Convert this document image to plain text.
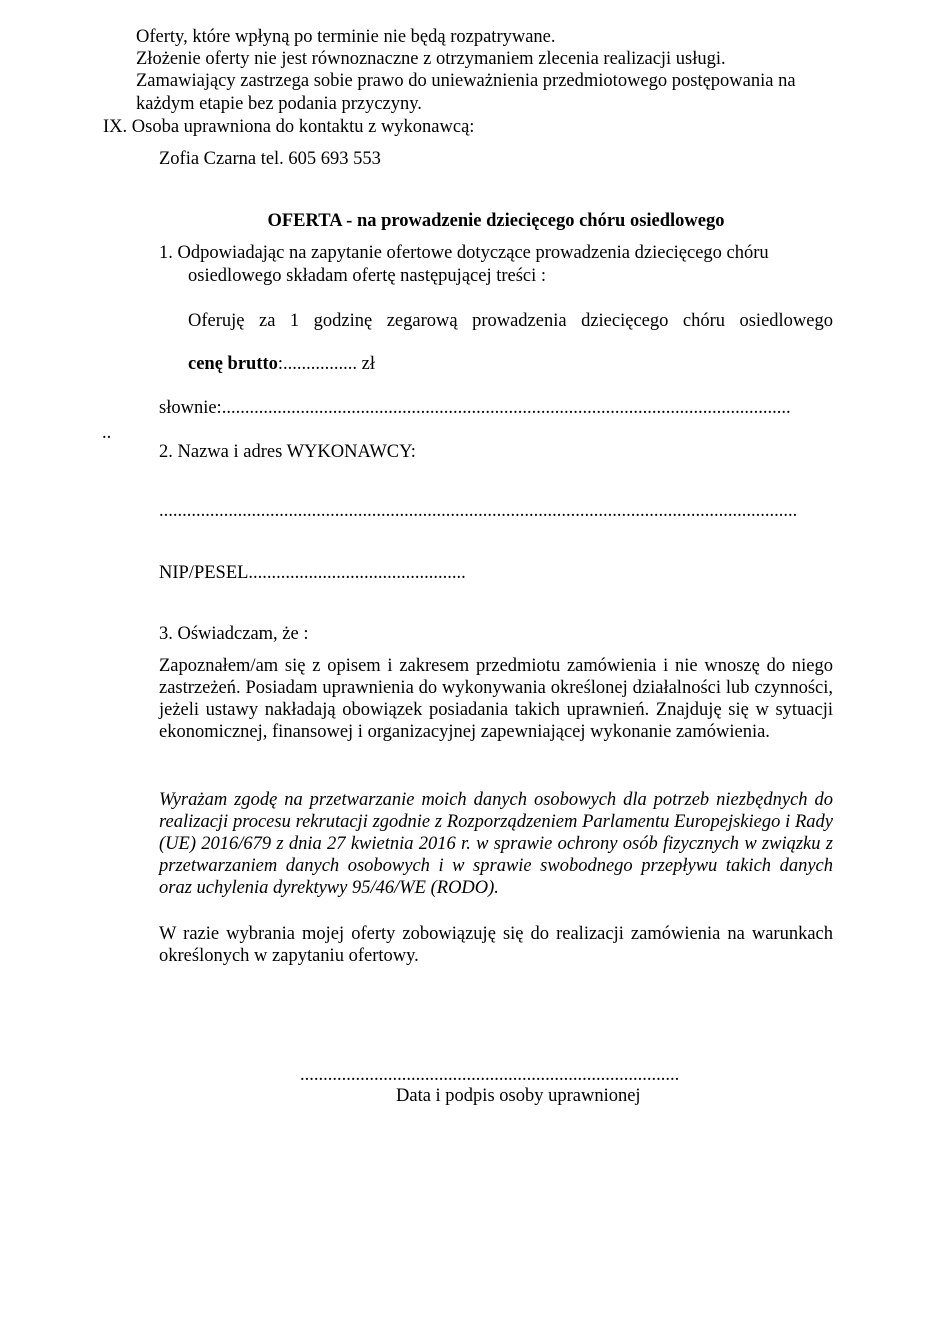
Oferty, które wpłyną po terminie nie będą rozpatrywane.
Złożenie oferty nie jest równoznaczne z otrzymaniem zlecenia realizacji usługi.
Zamawiający zastrzega sobie prawo do unieważnienia przedmiotowego postępowania na
każdym etapie bez podania przyczyny.
IX. Osoba uprawniona do kontaktu z wykonawcą:
Zofia Czarna tel. 605 693 553
OFERTA - na prowadzenie dziecięcego chóru osiedlowego
1. Odpowiadając na zapytanie ofertowe dotyczące prowadzenia dziecięcego chóru
osiedlowego składam ofertę następującej treści :
Oferuję za 1 godzinę zegarową prowadzenia dziecięcego chóru osiedlowego
cenę brutto:................ zł
słownie:...........................................................................................................................
..
2. Nazwa i adres WYKONAWCY:
..........................................................................................................................................
NIP/PESEL...............................................
3. Oświadczam, że :
Zapoznałem/am się z opisem i zakresem przedmiotu zamówienia i nie wnoszę do niego zastrzeżeń. Posiadam uprawnienia do wykonywania określonej działalności lub czynności, jeżeli ustawy nakładają obowiązek posiadania takich uprawnień. Znajduję się w sytuacji ekonomicznej, finansowej i organizacyjnej zapewniającej wykonanie zamówienia.
Wyrażam zgodę na przetwarzanie moich danych osobowych dla potrzeb niezbędnych do realizacji procesu rekrutacji zgodnie z Rozporządzeniem Parlamentu Europejskiego i Rady (UE) 2016/679 z dnia 27 kwietnia 2016 r. w sprawie ochrony osób fizycznych w związku z przetwarzaniem danych osobowych i w sprawie swobodnego przepływu takich danych oraz uchylenia dyrektywy 95/46/WE (RODO).
W razie wybrania mojej oferty zobowiązuję się do realizacji zamówienia na warunkach określonych w zapytaniu ofertowy.
..................................................................................
Data i podpis osoby uprawnionej
